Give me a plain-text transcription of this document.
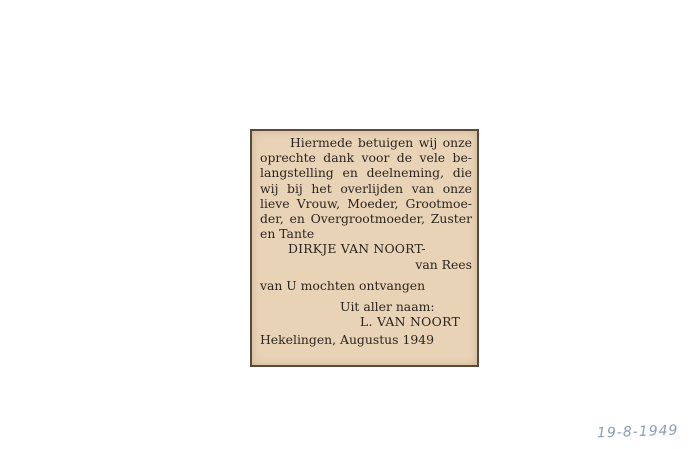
Hiermede betuigen wij onze
oprechte dank voor de vele be-
langstelling en deelneming, die
wij bij het overlijden van onze
lieve Vrouw, Moeder, Grootmoe-
der, en Overgrootmoeder, Zuster
en Tante
DIRKJE VAN NOORT-
van Rees
van U mochten ontvangen
Uit aller naam:
L. VAN NOORT
Hekelingen, Augustus 1949
19-8-1949
